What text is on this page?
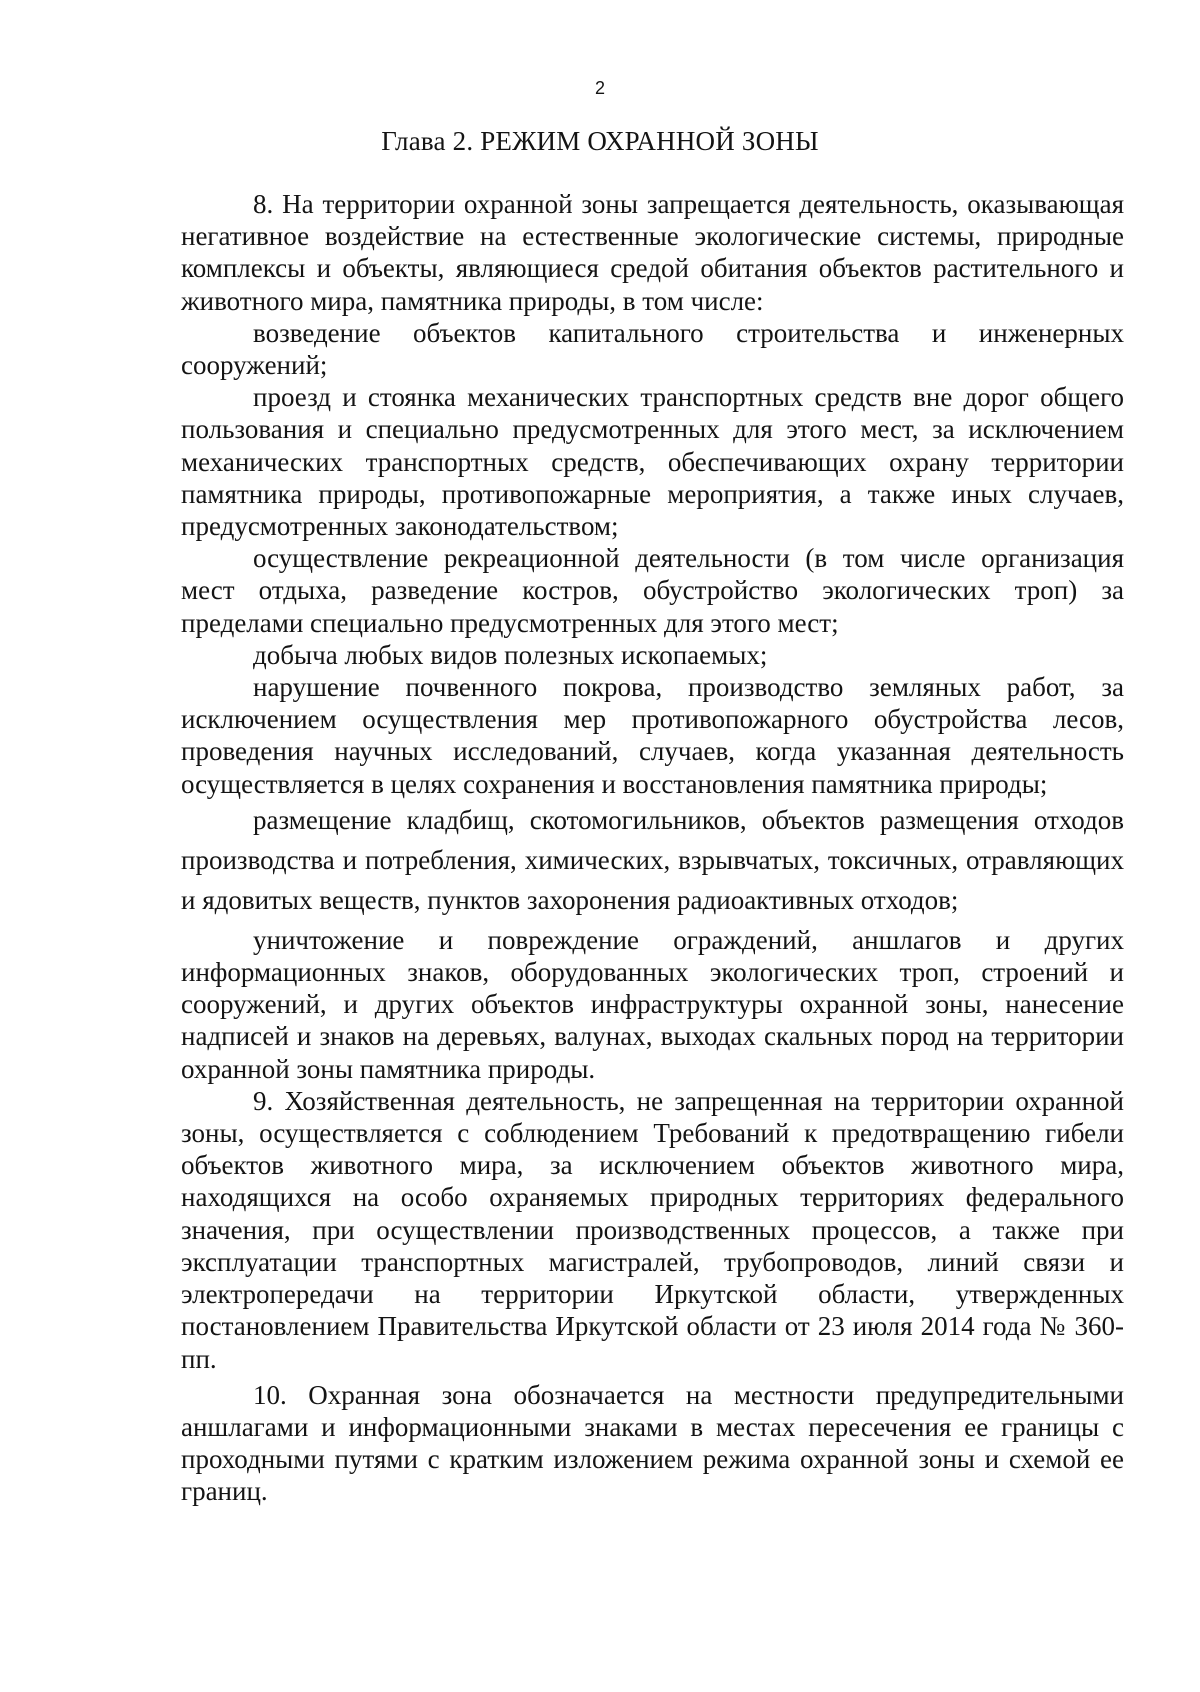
2
Глава 2. РЕЖИМ ОХРАННОЙ ЗОНЫ

8. На территории охранной зоны запрещается деятельность, оказывающая негативное воздействие на естественные экологические системы, природные комплексы и объекты, являющиеся средой обитания объектов растительного и животного мира, памятника природы, в том числе:

возведение объектов капитального строительства и инженерных сооружений;

проезд и стоянка механических транспортных средств вне дорог общего пользования и специально предусмотренных для этого мест, за исключением механических транспортных средств, обеспечивающих охрану территории памятника природы, противопожарные мероприятия, а также иных случаев, предусмотренных законодательством;

осуществление рекреационной деятельности (в том числе организация мест отдыха, разведение костров, обустройство экологических троп) за пределами специально предусмотренных для этого мест;

добыча любых видов полезных ископаемых;

нарушение почвенного покрова, производство земляных работ, за исключением осуществления мер противопожарного обустройства лесов, проведения научных исследований, случаев, когда указанная деятельность осуществляется в целях сохранения и восстановления памятника природы;

размещение кладбищ, скотомогильников, объектов размещения отходов производства и потребления, химических, взрывчатых, токсичных, отравляющих и ядовитых веществ, пунктов захоронения радиоактивных отходов;

уничтожение и повреждение ограждений, аншлагов и других информационных знаков, оборудованных экологических троп, строений и сооружений, и других объектов инфраструктуры охранной зоны, нанесение надписей и знаков на деревьях, валунах, выходах скальных пород на территории охранной зоны памятника природы.

9. Хозяйственная деятельность, не запрещенная на территории охранной зоны, осуществляется с соблюдением Требований к предотвращению гибели объектов животного мира, за исключением объектов животного мира, находящихся на особо охраняемых природных территориях федерального значения, при осуществлении производственных процессов, а также при эксплуатации транспортных магистралей, трубопроводов, линий связи и электропередачи на территории Иркутской области, утвержденных постановлением Правительства Иркутской области от 23 июля 2014 года № 360-пп.

10. Охранная зона обозначается на местности предупредительными аншлагами и информационными знаками в местах пересечения ее границы с проходными путями с кратким изложением режима охранной зоны и схемой ее границ.
